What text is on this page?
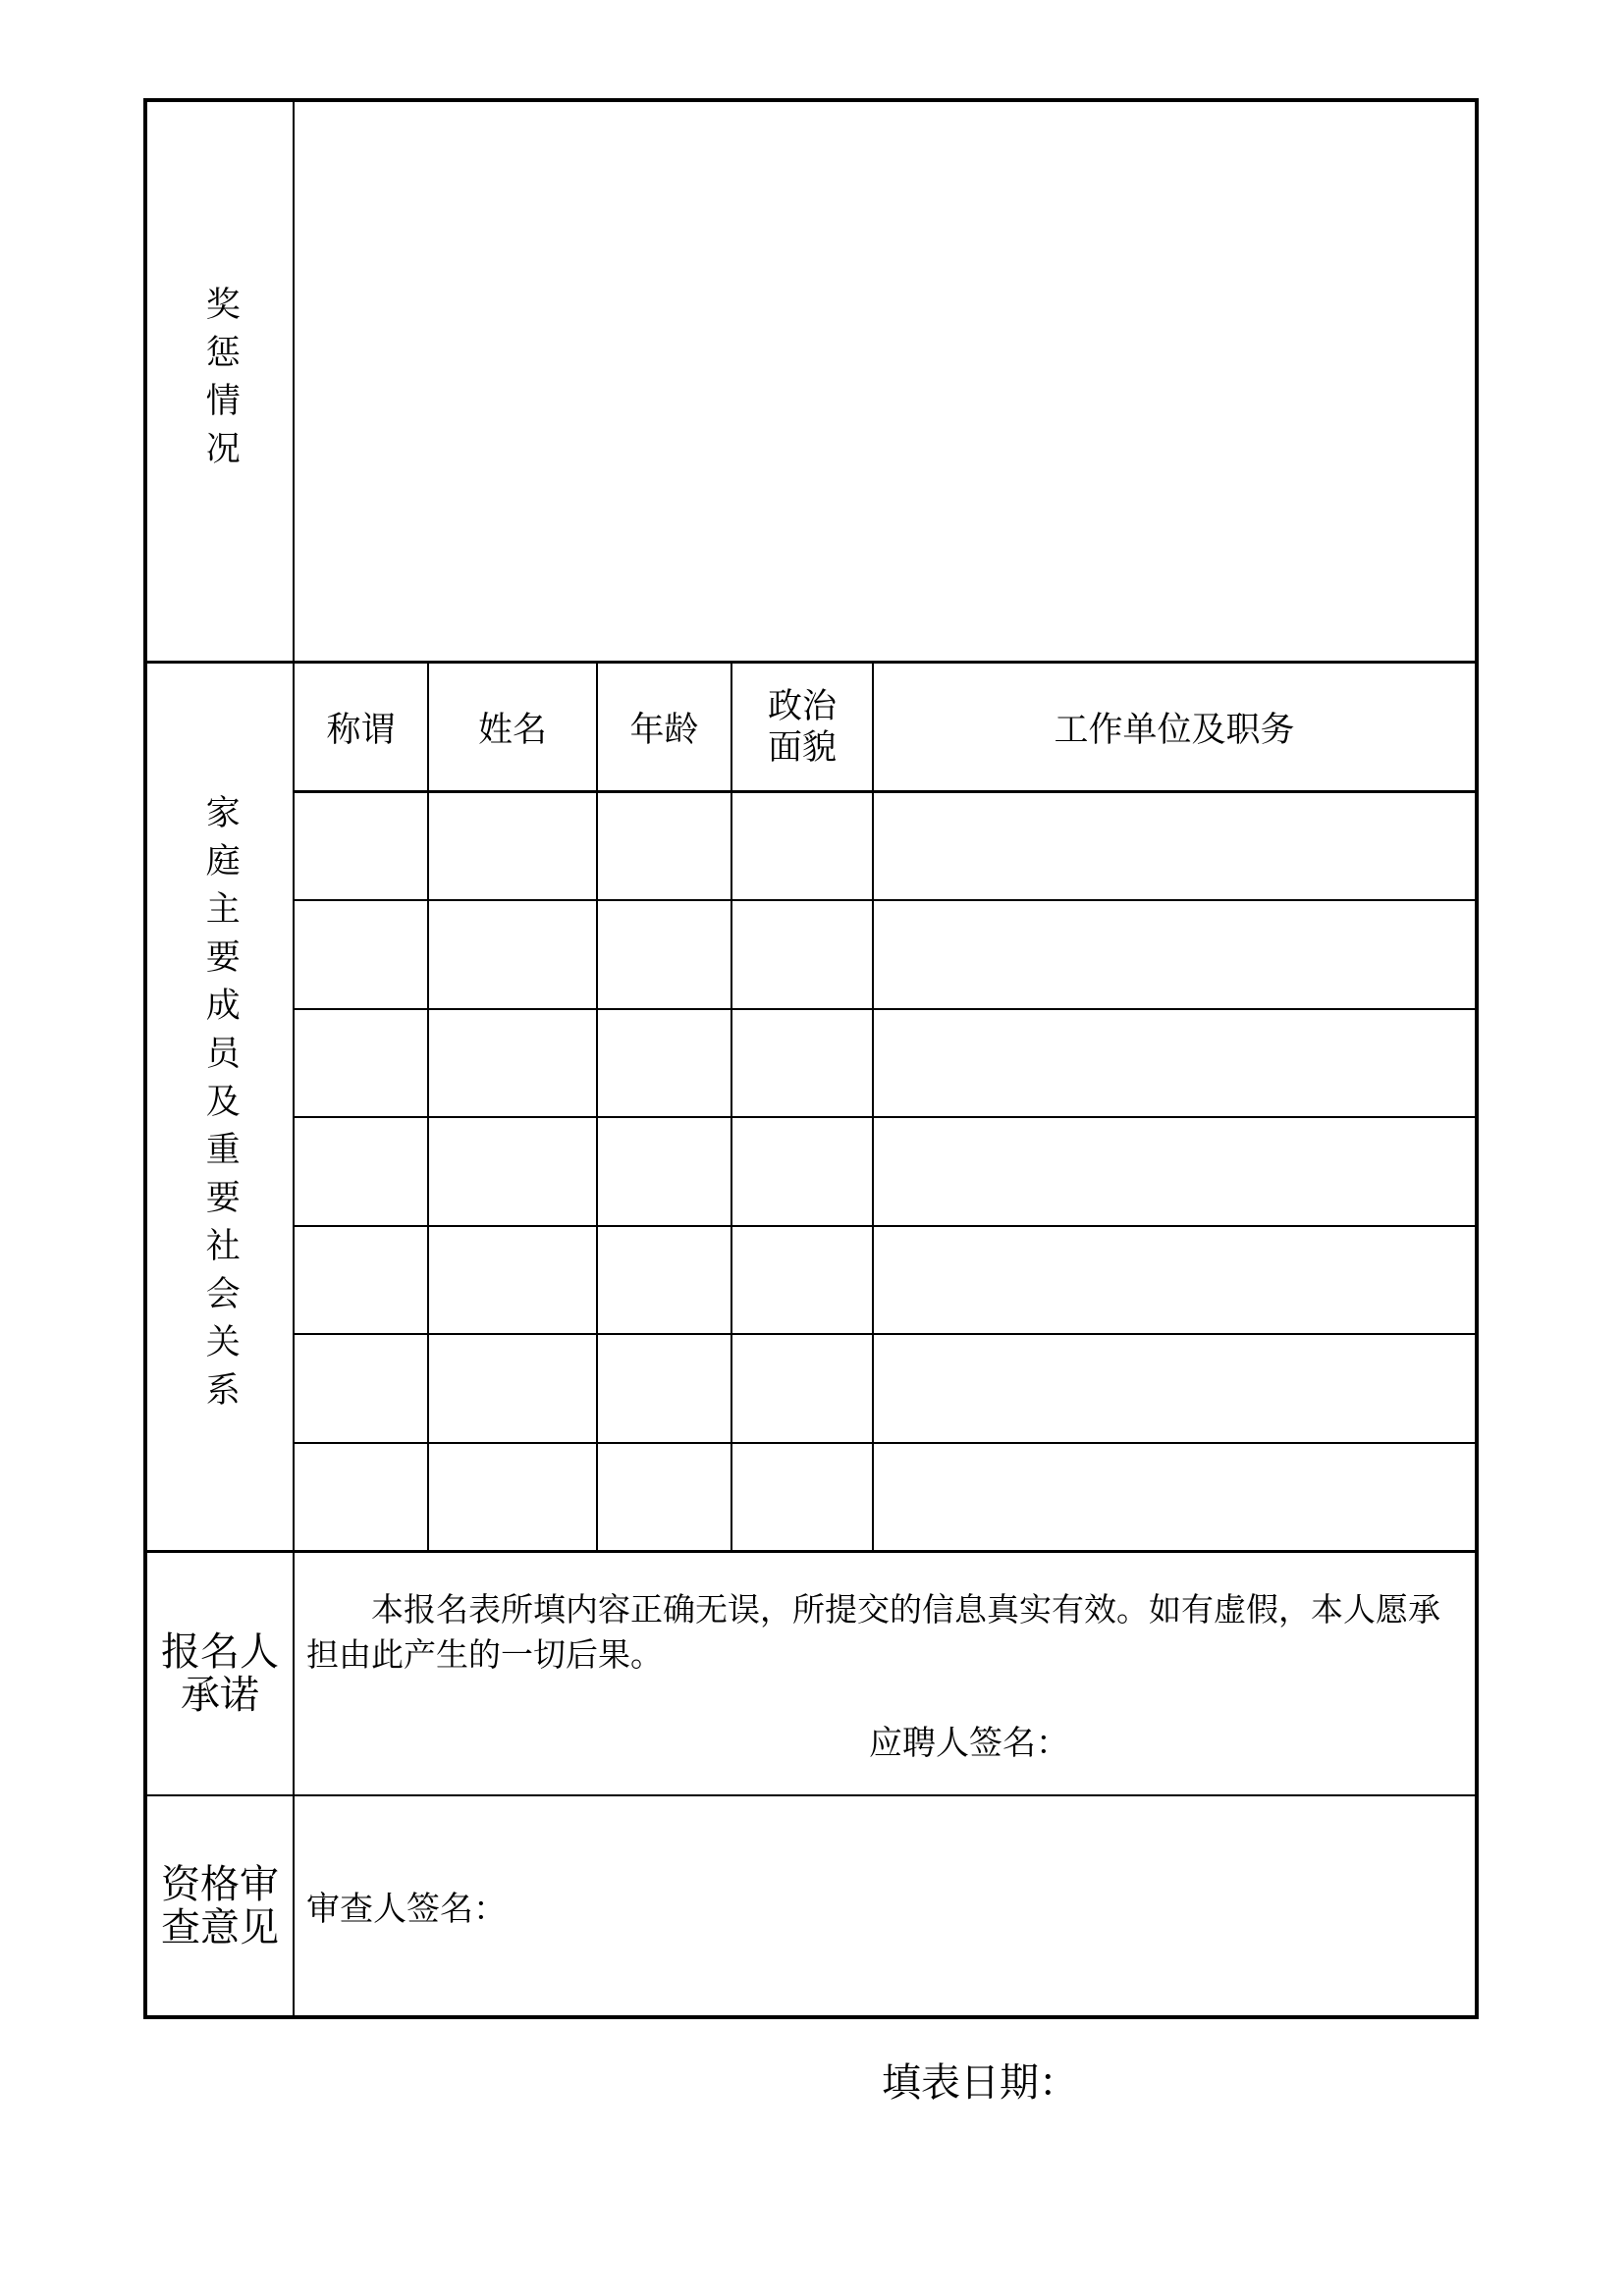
奖惩情况
家庭主要成员及重要社会关系
称谓 姓名 年龄
政治面貌	工作单位及职务
报名人承诺

本报名表所填内容正确无误，所提交的信息真实有效。如有虚假，本人愿承担由此产生的一切后果。

应聘人签名：
资格审查意见 审查人签名：
填表日期：
